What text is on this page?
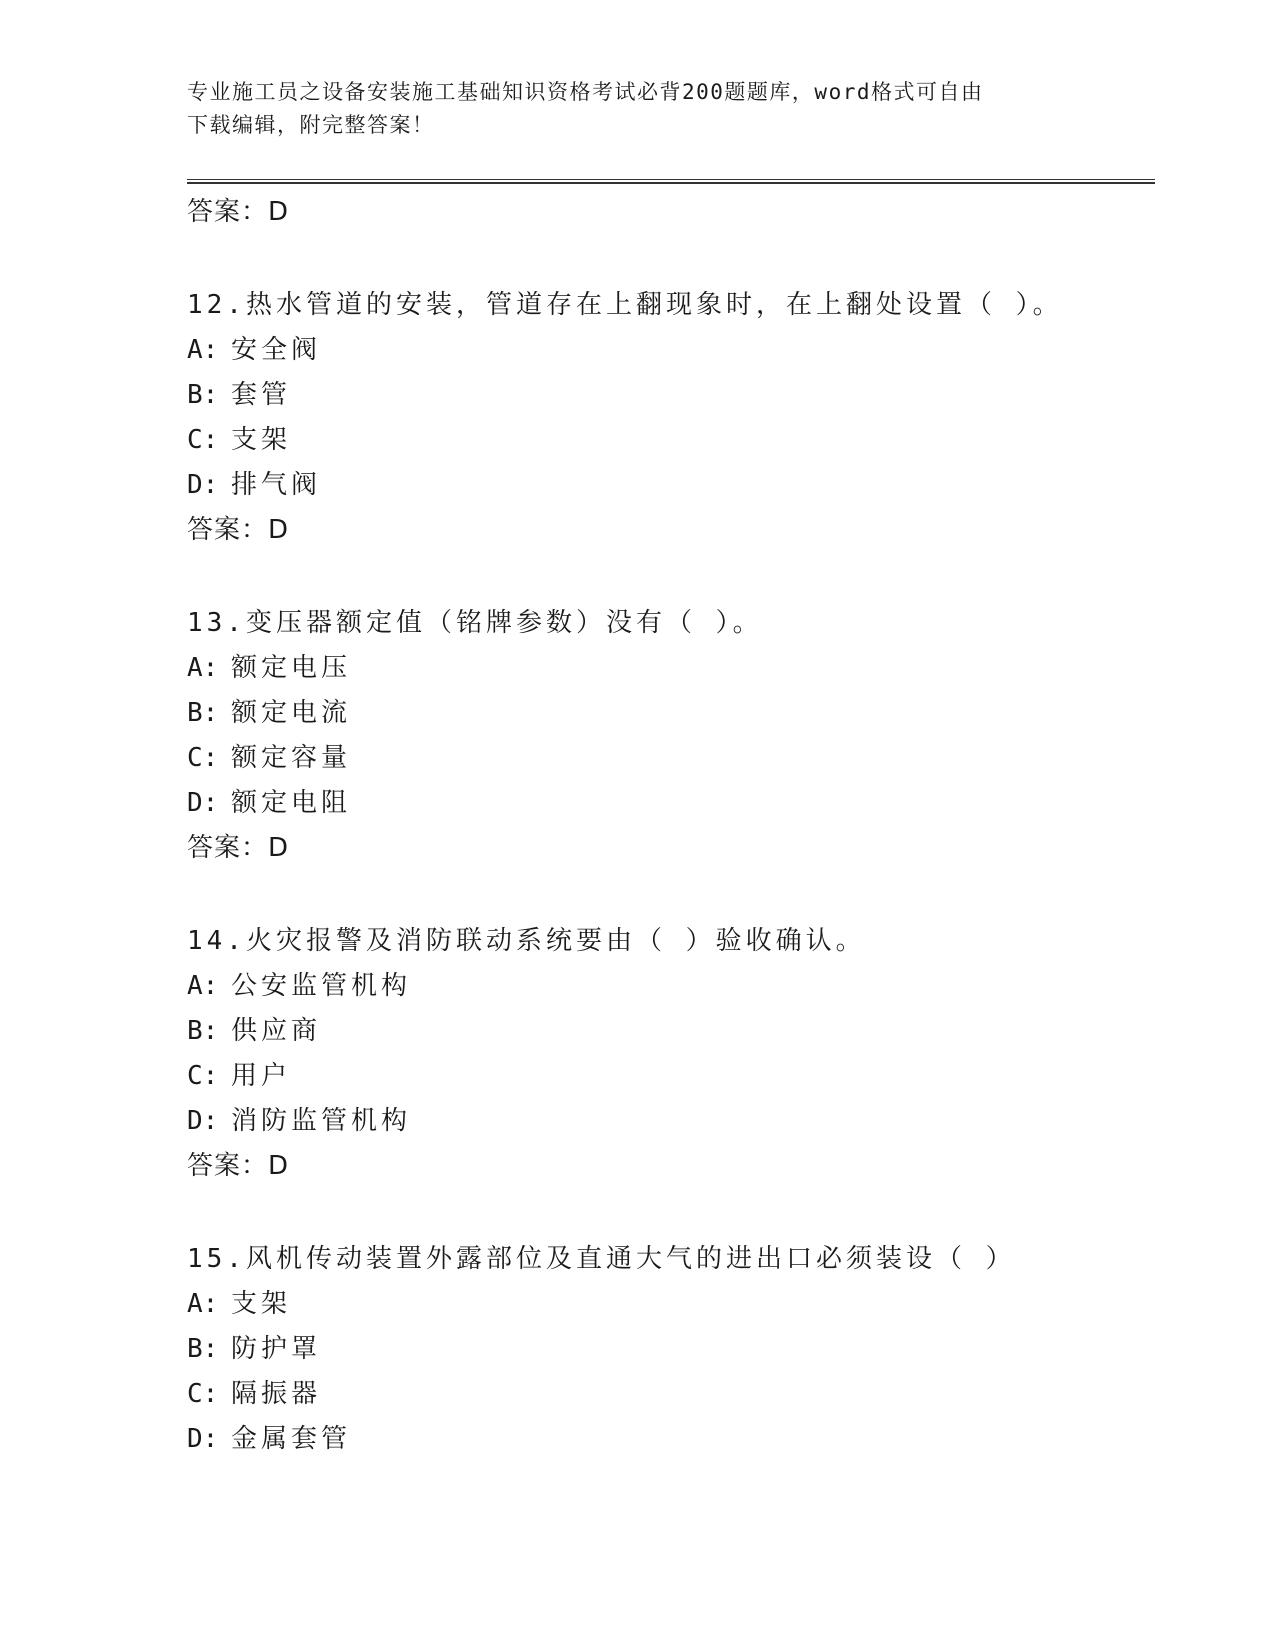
专业施工员之设备安装施工基础知识资格考试必背200题题库，word格式可自由
下载编辑，附完整答案！
答案：D
12.热水管道的安装，管道存在上翻现象时，在上翻处设置（ ）。
A: 安全阀
B: 套管
C: 支架
D: 排气阀
答案：D
13.变压器额定值（铭牌参数）没有（ ）。
A: 额定电压
B: 额定电流
C: 额定容量
D: 额定电阻
答案：D
14.火灾报警及消防联动系统要由（ ）验收确认。
A: 公安监管机构
B: 供应商
C: 用户
D: 消防监管机构
答案：D
15.风机传动装置外露部位及直通大气的进出口必须装设（ ）
A: 支架
B: 防护罩
C: 隔振器
D: 金属套管
